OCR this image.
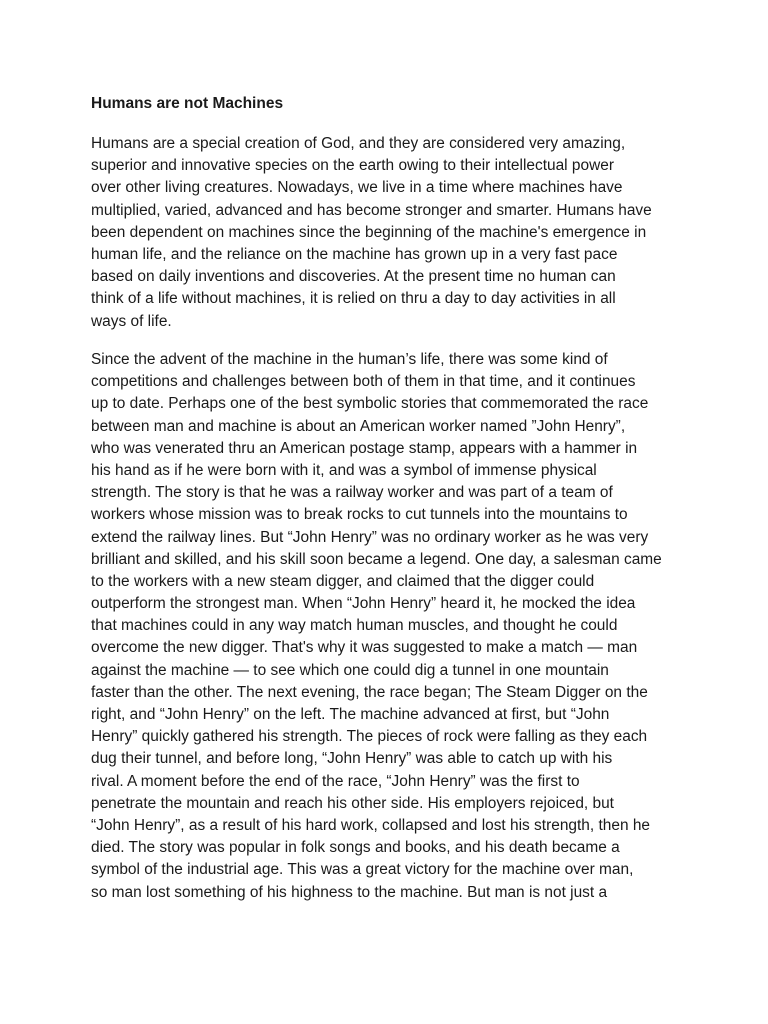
Humans are not Machines
Humans are a special creation of God, and they are considered very amazing,
superior and innovative species on the earth owing to their intellectual power
over other living creatures. Nowadays, we live in a time where machines have
multiplied, varied, advanced and has become stronger and smarter. Humans have
been dependent on machines since the beginning of the machine's emergence in
human life, and the reliance on the machine has grown up in a very fast pace
based on daily inventions and discoveries. At the present time no human can
think of a life without machines, it is relied on thru a day to day activities in all
ways of life.
Since the advent of the machine in the human’s life, there was some kind of
competitions and challenges between both of them in that time, and it continues
up to date. Perhaps one of the best symbolic stories that commemorated the race
between man and machine is about an American worker named ”John Henry”,
who was venerated thru an American postage stamp, appears with a hammer in
his hand as if he were born with it, and was a symbol of immense physical
strength. The story is that he was a railway worker and was part of a team of
workers whose mission was to break rocks to cut tunnels into the mountains to
extend the railway lines. But “John Henry” was no ordinary worker as he was very
brilliant and skilled, and his skill soon became a legend. One day, a salesman came
to the workers with a new steam digger, and claimed that the digger could
outperform the strongest man. When “John Henry” heard it, he mocked the idea
that machines could in any way match human muscles, and thought he could
overcome the new digger. That's why it was suggested to make a match — man
against the machine — to see which one could dig a tunnel in one mountain
faster than the other. The next evening, the race began; The Steam Digger on the
right, and “John Henry” on the left. The machine advanced at first, but “John
Henry” quickly gathered his strength. The pieces of rock were falling as they each
dug their tunnel, and before long, “John Henry” was able to catch up with his
rival. A moment before the end of the race, “John Henry” was the first to
penetrate the mountain and reach his other side. His employers rejoiced, but
“John Henry”, as a result of his hard work, collapsed and lost his strength, then he
died. The story was popular in folk songs and books, and his death became a
symbol of the industrial age. This was a great victory for the machine over man,
so man lost something of his highness to the machine. But man is not just a
